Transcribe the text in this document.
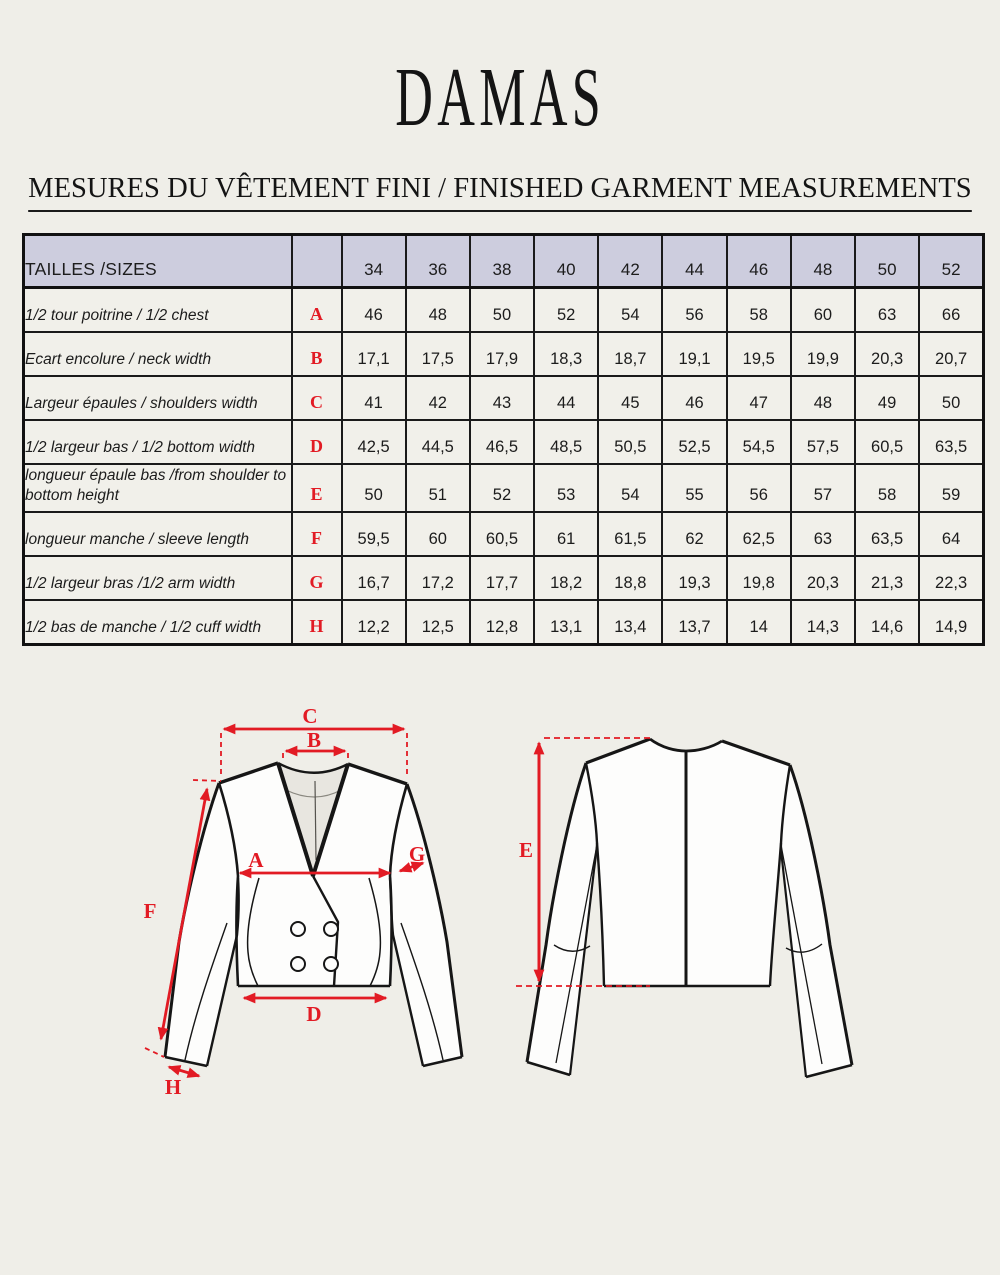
DAMAS
MESURES DU VÊTEMENT FINI / FINISHED GARMENT MEASUREMENTS
TAILLES /SIZES		34	36	38	40	42	44	46	48	50	52
1/2 tour poitrine / 1/2 chest	A	46	48	50	52	54	56	58	60	63	66
Ecart encolure / neck width	B	17,1	17,5	17,9	18,3	18,7	19,1	19,5	19,9	20,3	20,7
Largeur épaules / shoulders width	C	41	42	43	44	45	46	47	48	49	50
1/2 largeur bas / 1/2 bottom width	D	42,5	44,5	46,5	48,5	50,5	52,5	54,5	57,5	60,5	63,5
longueur épaule bas /from shoulder to bottom height	E	50	51	52	53	54	55	56	57	58	59
longueur manche / sleeve length	F	59,5	60	60,5	61	61,5	62	62,5	63	63,5	64
1/2 largeur bras /1/2 arm width	G	16,7	17,2	17,7	18,2	18,8	19,3	19,8	20,3	21,3	22,3
1/2 bas de manche / 1/2 cuff width	H	12,2	12,5	12,8	13,1	13,4	13,7	14	14,3	14,6	14,9
C
B
A	G
D
F
H
E
